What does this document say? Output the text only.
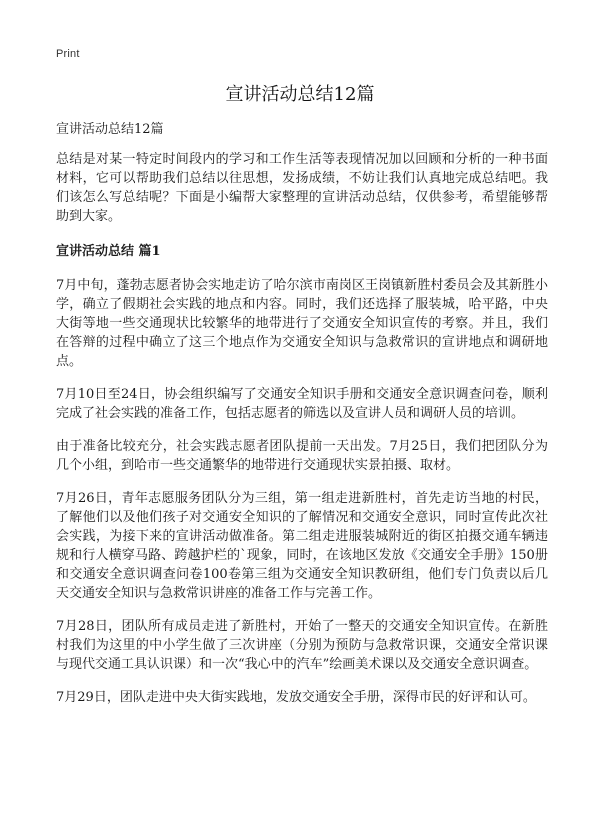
Print
宣讲活动总结12篇
宣讲活动总结12篇

总结是对某一特定时间段内的学习和工作生活等表现情况加以回顾和分析的一种书面材料，它可以帮助我们总结以往思想，发扬成绩，不妨让我们认真地完成总结吧。我们该怎么写总结呢？下面是小编帮大家整理的宣讲活动总结，仅供参考，希望能够帮助到大家。

宣讲活动总结 篇1

7月中旬，蓬勃志愿者协会实地走访了哈尔滨市南岗区王岗镇新胜村委员会及其新胜小学，确立了假期社会实践的地点和内容。同时，我们还选择了服装城，哈平路，中央大街等地一些交通现状比较繁华的地带进行了交通安全知识宣传的考察。并且，我们在答辩的过程中确立了这三个地点作为交通安全知识与急救常识的宣讲地点和调研地点。

7月10日至24日，协会组织编写了交通安全知识手册和交通安全意识调查问卷，顺利完成了社会实践的准备工作，包括志愿者的筛选以及宣讲人员和调研人员的培训。

由于准备比较充分，社会实践志愿者团队提前一天出发。7月25日，我们把团队分为几个小组，到哈市一些交通繁华的地带进行交通现状实景拍摄、取材。

7月26日，青年志愿服务团队分为三组，第一组走进新胜村，首先走访当地的村民，了解他们以及他们孩子对交通安全知识的了解情况和交通安全意识，同时宣传此次社会实践，为接下来的宣讲活动做准备。第二组走进服装城附近的街区拍摄交通车辆违规和行人横穿马路、跨越护栏的`现象，同时，在该地区发放《交通安全手册》150册和交通安全意识调查问卷100卷第三组为交通安全知识教研组，他们专门负责以后几天交通安全知识与急救常识讲座的准备工作与完善工作。

7月28日，团队所有成员走进了新胜村，开始了一整天的交通安全知识宣传。在新胜村我们为这里的中小学生做了三次讲座（分别为预防与急救常识课，交通安全常识课与现代交通工具认识课）和一次“我心中的汽车”绘画美术课以及交通安全意识调查。

7月29日，团队走进中央大街实践地，发放交通安全手册，深得市民的好评和认可。
